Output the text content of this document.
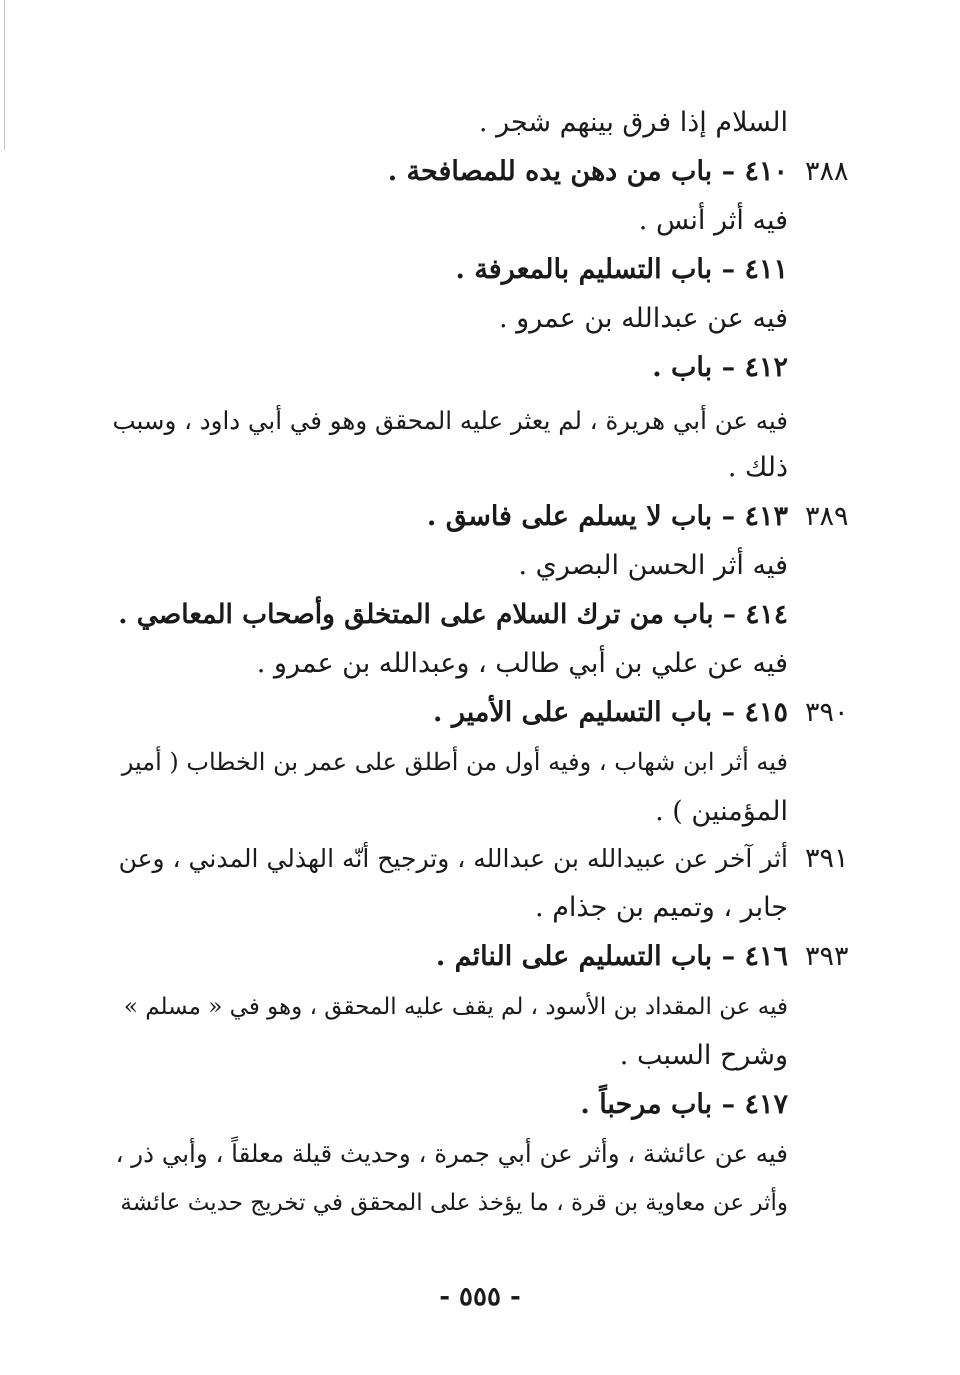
٣٨٨
٣٨٩
٣٩٠
٣٩١
٣٩٣
السلام إذا فرق بينهم شجر .
٤١٠ – باب من دهن يده للمصافحة .
فيه أثر أنس .
٤١١ – باب التسليم بالمعرفة .
فيه عن عبدالله بن عمرو .
٤١٢ – باب .
فيه عن أبي هريرة ، لم يعثر عليه المحقق وهو في أبي داود ، وسبب
ذلك .
٤١٣ – باب لا يسلم على فاسق .
فيه أثر الحسن البصري .
٤١٤ – باب من ترك السلام على المتخلق وأصحاب المعاصي .
فيه عن علي بن أبي طالب ، وعبدالله بن عمرو .
٤١٥ – باب التسليم على الأمير .
فيه أثر ابن شهاب ، وفيه أول من أطلق على عمر بن الخطاب ( أمير
المؤمنين ) .
أثر آخر عن عبيدالله بن عبدالله ، وترجيح أنّه الهذلي المدني ، وعن
جابر ، وتميم بن جذام .
٤١٦ – باب التسليم على النائم .
فيه عن المقداد بن الأسود ، لم يقف عليه المحقق ، وهو في « مسلم »
وشرح السبب .
٤١٧ – باب مرحباً .
فيه عن عائشة ، وأثر عن أبي جمرة ، وحديث قيلة معلقاً ، وأبي ذر ،
وأثر عن معاوية بن قرة ، ما يؤخذ على المحقق في تخريج حديث عائشة
- ٥٥٥ -
